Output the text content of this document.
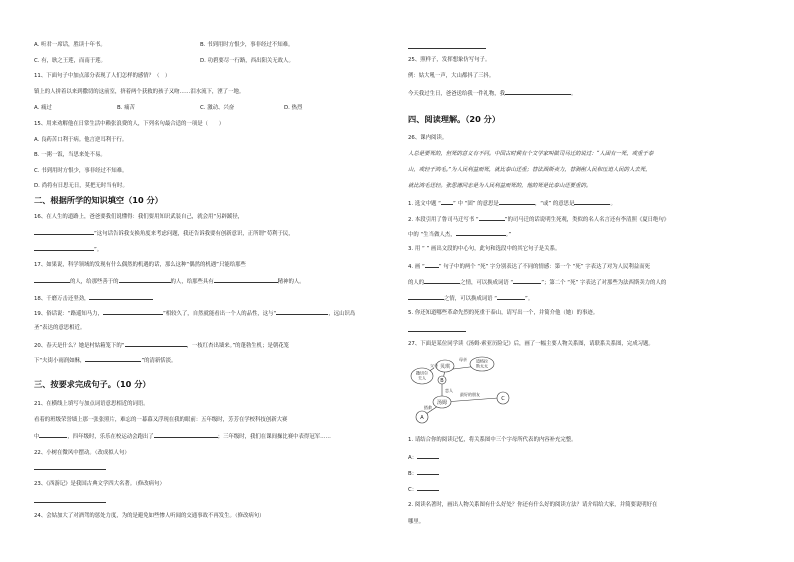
A. 听君一席话，胜读十年书。	B. 书到用时方恨少，事非经过不知难。
C. 有，耿之王莲，而南于莲。	D. 功碧要尽一行路，西出阳关无故人。
11、下面句子中加点部分表现了人们怎样的感情？（　）
镇上的人拼着以来到撒切的这前室，挤着两个获救的孩子又吻……泪水流下，湮了一地。
A. 痛过	B. 痛苦	C. 激动、兴奋	D. 热烈
15、用来劝解他在日常生活中赖张浪费的人，下列名句最合适的一项是（　　）
A. 良药苦口利于病。他言逆耳利于行。
B. 一粥一饭，当思来处不易。
C. 书到用时方恨少，事非经过不知难。
D. 尚将有日思无日，莫把无时当有时。
二、根据所学的知识填空（10 分）
16、在人生的道路上，爸爸要我们说懂得：我们要用知识武装自己，就会用“另辟蹊径，
”这句话告诉我支换角度来考虑问题，我还告诉我要有创新意识，正所谓“苟利于民，
”。
17、如果说，科学领域的发现有什么偶然的机遇的话，那么这种“偶然的机遇”只能给那些
的人，给那些善于的	的人，给那些具有	精神的人。
18、千磨万击还坚劲，
19、俗话说：“路遥知马力，	”相较久了，自然就能看出一个人的品性，这与“	，远山识岛
圣”表达的意思相近。
20、春天是什么？她是村姑箱笼下的“	，一枝红杏出墙来。”的蓬勃生机；是朝花笼
下“夫街小雨润如酥，	”的清新恬淡。
三、按要求完成句子。（10 分）
21、在横线上填写与加点词语意思相近的词语。
看着的班级荣誉墙上那一张张照片，难忘的一幕幕又浮现在我的眼前：五年级时，芳芳在学校科技创新大赛
中	，四年级时，乐乐在校运动会跑出了	；三年级时，我们在课间操比赛中表得冠军……
22、小树在微风中摆动。（改成拟人句）
23、《西游记》是我国古典文学四大名著。（修改病句）
24、会姑加大了对酒驾的惩处力度，为的是避免如些惨人听闻的交通事故不再发生。（修改病句）
25、照样子，发挥想象仿写句子。
例：姑大吼一声，大山都抖了三抖。
今天我过生日，爸爸送给我一件礼物，我	。
四、阅读理解。（20 分）
26、课内阅读。
人总是要死的，但死的意义有不同。中国古时候有个文学家叫做司马迁的说过：“人固有一死，或重于泰
山，或轻于鸿毛。”为人民利益而死，就比泰山还重；替法西斯卖力，替剥削人民和压迫人民的人去死，
就比鸿毛还轻。张思德同志是为人民利益而死的，他的死是比泰山还要重的。
1. 选文中题 “ ” 中 “固” 的意思是	，“或” 的意思是	。
2. 本段引用了鲁司马迁写书 “	”的司马迁的话说明生死观，类似的名人名言还有李清照《夏日绝句》
中的 “生当做人杰，	。”
3. 用 “ ” 画出文段的中心句，此句和选段中的其它句子是关系。
4. 画 “	” 句子中的两个 “死” 字分别表达了不同的情感：第一个 “死” 字表达了对为人民利益而死
的人的	之情，可以换成词语 “	”；第二个 “死” 字表达了对那些为法西斯卖力的人的
之情，可以换成词语 “	”。
5. 你还知道哪些革命先烈的死重于泰山，请写出一个，并简介他（她）的事迹。
27、下面是某位同学读《汤姆·索亚历险记》后，画了一幅主要人物关系图，请联系关系图，完成习题。
撒切尔
夫人
贝琪
道格拉
斯太太
B
汤姆
A
C
母亲
父亲
恋人
最好的朋友
搭救
1. 请结合你的阅读记忆，将关系图中三个字母所代表的内容补充完整。
A：
B：
C：
2. 阅读名著时，画出人物关系图有什么好处？你还有什么好的阅读方法？请介绍给大家，并简要说明好在
哪里。
